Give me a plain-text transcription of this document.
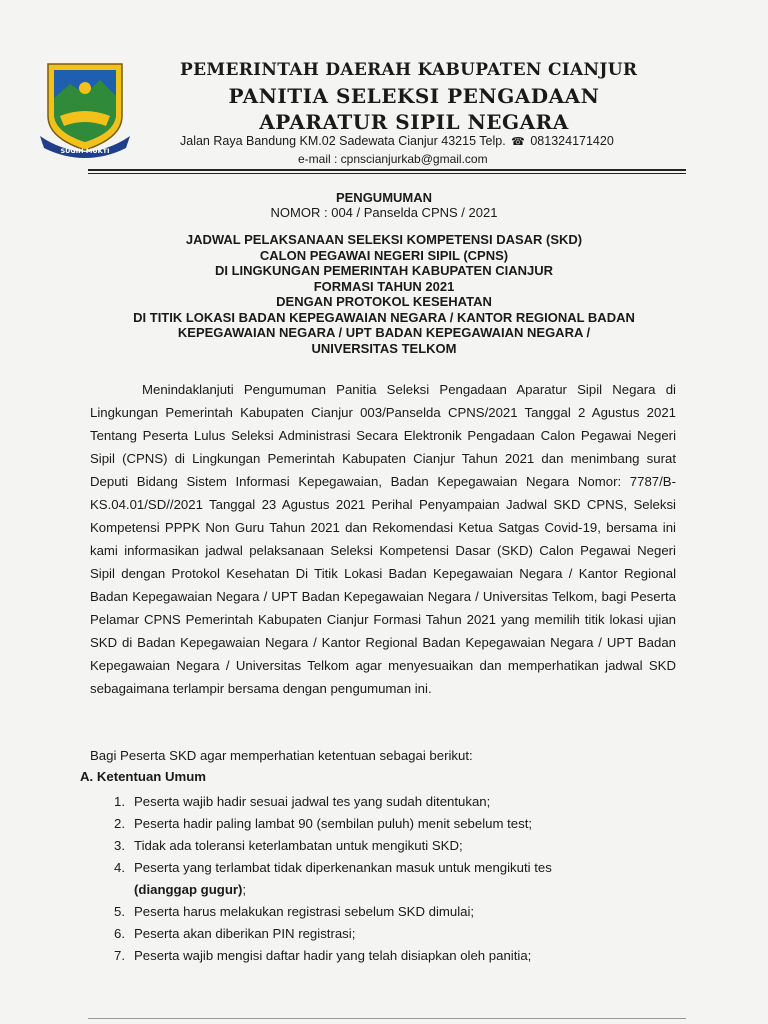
SUGIH MUKTI
PEMERINTAH DAERAH KABUPATEN CIANJUR
PANITIA SELEKSI PENGADAAN
APARATUR SIPIL NEGARA
Jalan Raya Bandung KM.02 Sadewata Cianjur 43215 Telp. ☎ 081324171420
e-mail : cpnscianjurkab@gmail.com
PENGUMUMAN
NOMOR : 004 / Panselda CPNS / 2021
JADWAL PELAKSANAAN SELEKSI KOMPETENSI DASAR (SKD)
CALON PEGAWAI NEGERI SIPIL (CPNS)
DI LINGKUNGAN PEMERINTAH KABUPATEN CIANJUR
FORMASI TAHUN 2021
DENGAN PROTOKOL KESEHATAN
DI TITIK LOKASI BADAN KEPEGAWAIAN NEGARA / KANTOR REGIONAL BADAN
KEPEGAWAIAN NEGARA / UPT BADAN KEPEGAWAIAN NEGARA /
UNIVERSITAS TELKOM
Menindaklanjuti Pengumuman Panitia Seleksi Pengadaan Aparatur Sipil Negara di Lingkungan Pemerintah Kabupaten Cianjur 003/Panselda CPNS/2021 Tanggal 2 Agustus 2021 Tentang Peserta Lulus Seleksi Administrasi Secara Elektronik Pengadaan Calon Pegawai Negeri Sipil (CPNS) di Lingkungan Pemerintah Kabupaten Cianjur Tahun 2021 dan menimbang surat Deputi Bidang Sistem Informasi Kepegawaian, Badan Kepegawaian Negara Nomor: 7787/B-KS.04.01/SD//2021 Tanggal 23 Agustus 2021 Perihal Penyampaian Jadwal SKD CPNS, Seleksi Kompetensi PPPK Non Guru Tahun 2021 dan Rekomendasi Ketua Satgas Covid-19, bersama ini kami informasikan jadwal pelaksanaan Seleksi Kompetensi Dasar (SKD) Calon Pegawai Negeri Sipil dengan Protokol Kesehatan Di Titik Lokasi Badan Kepegawaian Negara / Kantor Regional Badan Kepegawaian Negara / UPT Badan Kepegawaian Negara / Universitas Telkom, bagi Peserta Pelamar CPNS Pemerintah Kabupaten Cianjur Formasi Tahun 2021 yang memilih titik lokasi ujian SKD di Badan Kepegawaian Negara / Kantor Regional Badan Kepegawaian Negara / UPT Badan Kepegawaian Negara / Universitas Telkom agar menyesuaikan dan memperhatikan jadwal SKD sebagaimana terlampir bersama dengan pengumuman ini.
Bagi Peserta SKD agar memperhatian ketentuan sebagai berikut:
A. Ketentuan Umum
1. Peserta wajib hadir sesuai jadwal tes yang sudah ditentukan;
2. Peserta hadir paling lambat 90 (sembilan puluh) menit sebelum test;
3. Tidak ada toleransi keterlambatan untuk mengikuti SKD;
4. Peserta yang terlambat tidak diperkenankan masuk untuk mengikuti tes
(dianggap gugur);
5. Peserta harus melakukan registrasi sebelum SKD dimulai;
6. Peserta akan diberikan PIN registrasi;
7. Peserta wajib mengisi daftar hadir yang telah disiapkan oleh panitia;
